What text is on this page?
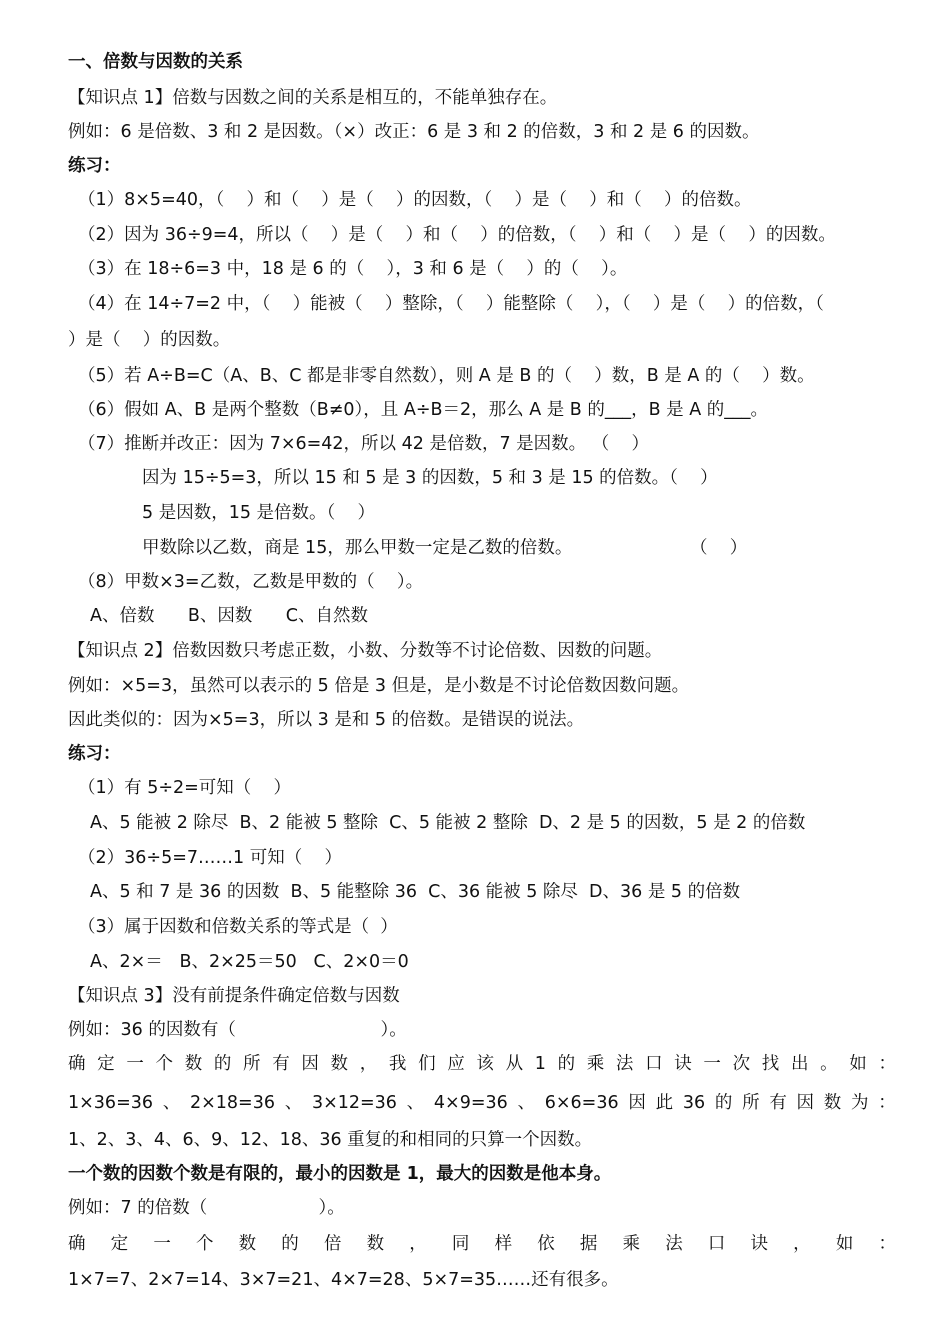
一、倍数与因数的关系
【知识点 1】倍数与因数之间的关系是相互的，不能单独存在。
例如：6 是倍数、3 和 2 是因数。（×）改正：6 是 3 和 2 的倍数，3 和 2 是 6 的因数。
练习：
（1）8×5=40，（    ）和（    ）是（    ）的因数，（    ）是（    ）和（    ）的倍数。
（2）因为 36÷9=4，所以（    ）是（    ）和（    ）的倍数，（    ）和（    ）是（    ）的因数。
（3）在 18÷6=3 中，18 是 6 的（    ），3 和 6 是（    ）的（    ）。
（4）在 14÷7=2 中，（    ）能被（    ）整除，（    ）能整除（    ），（    ）是（    ）的倍数，（
）是（    ）的因数。
（5）若 A÷B=C（A、B、C 都是非零自然数），则 A 是 B 的（    ）数，B 是 A 的（    ）数。
（6）假如 A、B 是两个整数（B≠0），且 A÷B＝2，那么 A 是 B 的___，B 是 A 的___。
（7）推断并改正：因为 7×6=42，所以 42 是倍数，7 是因数。 （    ）
因为 15÷5=3，所以 15 和 5 是 3 的因数，5 和 3 是 15 的倍数。（    ）
5 是因数，15 是倍数。（    ）
甲数除以乙数，商是 15，那么甲数一定是乙数的倍数。	（    ）
（8）甲数×3=乙数，乙数是甲数的（    ）。
A、倍数      B、因数      C、自然数
【知识点 2】倍数因数只考虑正数，小数、分数等不讨论倍数、因数的问题。
例如：×5=3，虽然可以表示的 5 倍是 3 但是，是小数是不讨论倍数因数问题。
因此类似的：因为×5=3，所以 3 是和 5 的倍数。是错误的说法。
练习：
（1）有 5÷2=可知（    ）
A、5 能被 2 除尽  B、2 能被 5 整除  C、5 能被 2 整除  D、2 是 5 的因数，5 是 2 的倍数
（2）36÷5=7……1 可知（    ）
A、5 和 7 是 36 的因数  B、5 能整除 36  C、36 能被 5 除尽  D、36 是 5 的倍数
（3）属于因数和倍数关系的等式是（  ）
A、2×＝   B、2×25＝50   C、2×0＝0
【知识点 3】没有前提条件确定倍数与因数
例如：36 的因数有（                          ）。
确 定 一 个 数 的 所 有 因 数 ， 我 们 应 该 从 1 的 乘 法 口 诀 一 次 找 出 。 如 ：
1×36=36 、 2×18=36 、 3×12=36 、 4×9=36 、 6×6=36 因 此 36 的 所 有 因 数 为 ：
1、2、3、4、6、9、12、18、36 重复的和相同的只算一个因数。
一个数的因数个数是有限的，最小的因数是 1，最大的因数是他本身。
例如：7 的倍数（                    ）。
确 定 一 个 数 的 倍 数 ， 同 样 依 据 乘 法 口 诀 ， 如 ：
1×7=7、2×7=14、3×7=21、4×7=28、5×7=35……还有很多。
